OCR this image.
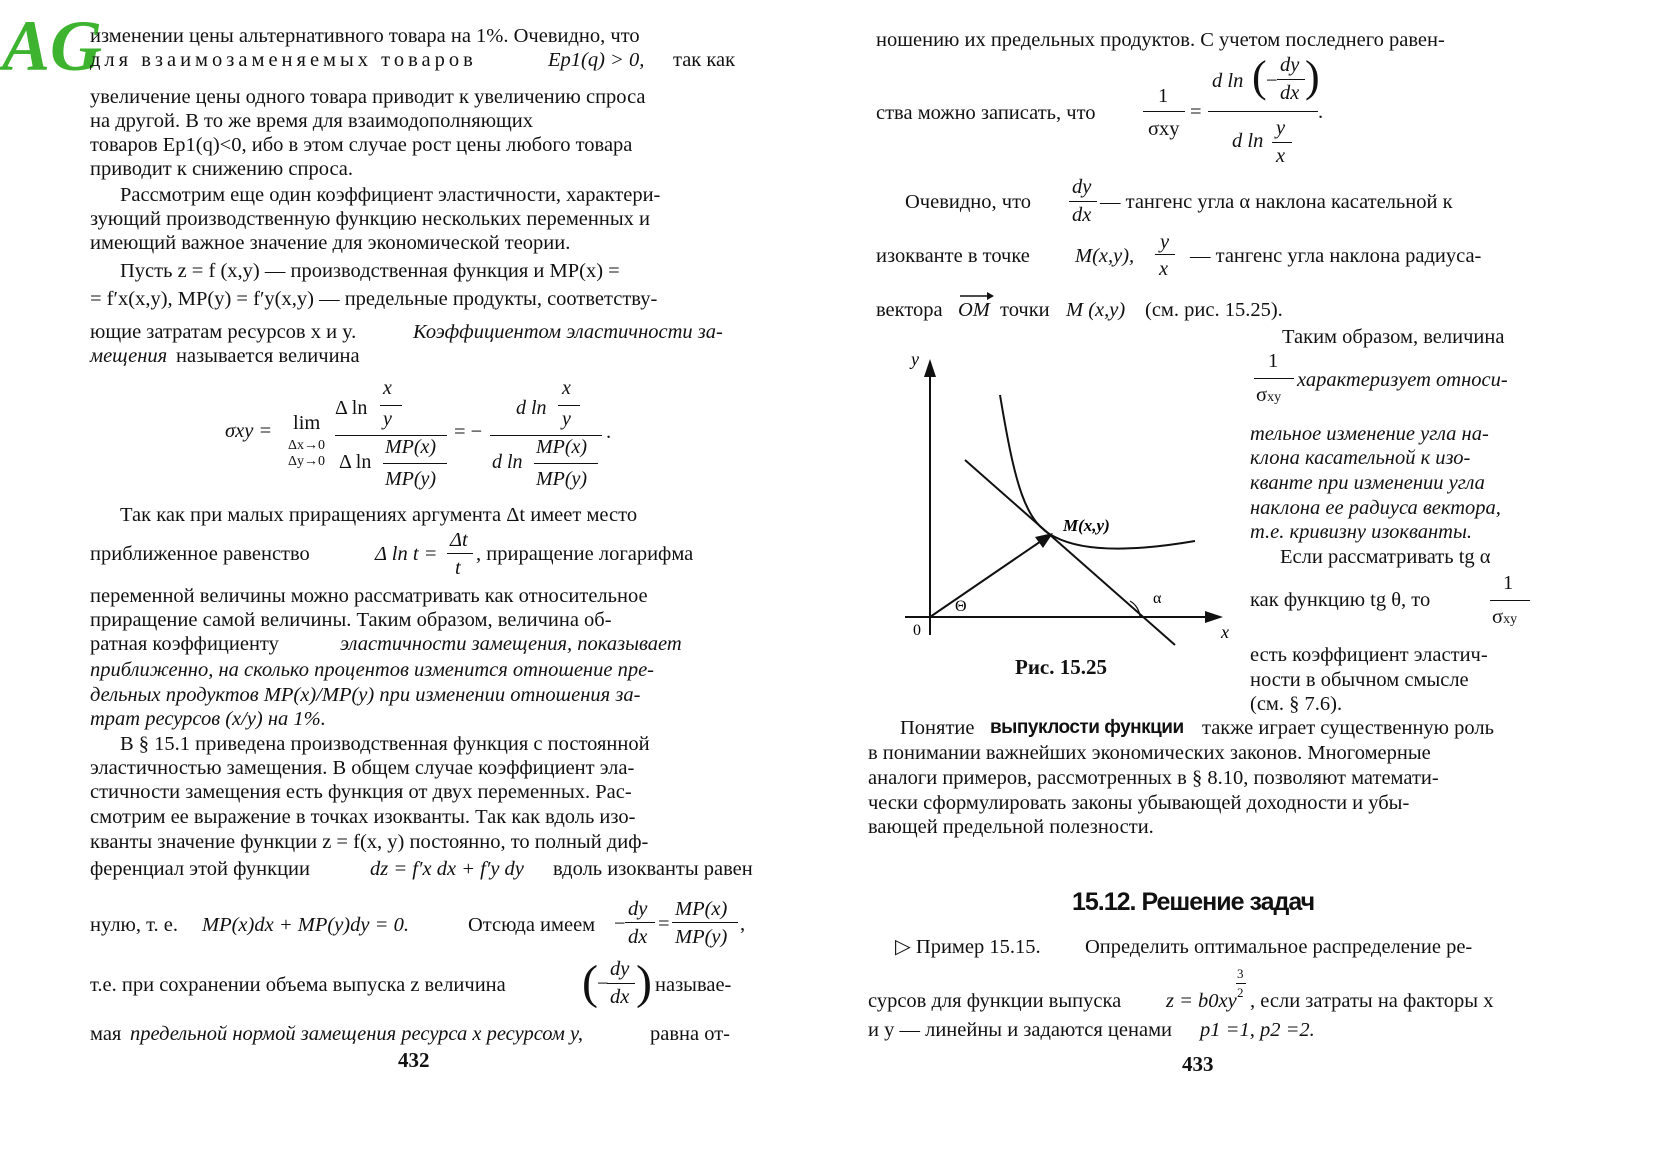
AG

изменении цены альтернативного товара на 1%. Очевидно, что

для взаимозаменяемых товаров	Ep1(q) > 0, так как

увеличение цены одного товара приводит к увеличению спроса

на другой. В то же время для взаимодополняющих

товаров Ep1(q)<0, ибо в этом случае рост цены любого товара

приводит к снижению спроса.

Рассмотрим еще один коэффициент эластичности, характери-

зующий производственную функцию нескольких переменных и

имеющий важное значение для экономической теории.

Пусть z = f (x,y) — производственная функция и MP(x) =

= f′x(x,y), MP(y) = f′y(x,y) — предельные продукты, соответству-

ющие затратам ресурсов x и y.	Коэффициентом эластичности за-

мещения называется величина

σxy = lim
Δx→0
Δy→0
Δ ln
x
y
Δ ln
MP(x)
MP(y)
= −
d ln
x
y
d ln
MP(x)
MP(y)
.

Так как при малых приращениях аргумента Δt имеет место

приближенное равенство	Δ ln t =

Δt

t

, приращение логарифма

переменной величины можно рассматривать как относительное

приращение самой величины. Таким образом, величина об-

ратная коэффициенту	эластичности замещения, показывает

приближенно, на сколько процентов изменится отношение пре-

дельных продуктов MP(x)/MP(y) при изменении отношения за-

трат ресурсов (x/y) на 1%.

В § 15.1 приведена производственная функция с постоянной

эластичностью замещения. В общем случае коэффициент эла-

стичности замещения есть функция от двух переменных. Рас-

смотрим ее выражение в точках изокванты. Так как вдоль изо-

кванты значение функции z = f(x, y) постоянно, то полный диф-

ференциал этой функции	dz = f′x dx + f′y dy вдоль изокванты равен

нулю, т. е. MP(x)dx + MP(y)dy = 0.	Отсюда имеем −

dy

dx

=

MP(x)

MP(y)

,

т.е. при сохранении объема выпуска z величина ( −
dy
dx ) называе-

мая предельной нормой замещения ресурса x ресурсом y,	равна от-

432

ношению их предельных продуктов. С учетом последнего равен-

ства можно записать, что

1
σxy
=
d ln ( −
dy
dx )
d ln
y
x
.

Очевидно, что

dy
dx

— тангенс угла α наклона касательной к

изокванте в точке M(x,y),

y
x

— тангенс угла наклона радиуса-

вектора OM точки M (x,y) (см. рис. 15.25).

Таким образом, величина

1
σxy

характеризует относи-

тельное изменение угла на-

клона касательной к изо-

кванте при изменении угла

наклона ее радиуса вектора,

т.е. кривизну изокванты.

Если рассматривать tg α

как функцию tg θ, то

1
σxy

есть коэффициент эластич-

ности в обычном смысле

(см. § 7.6).

y
x
0
Θ	α
M(x,y)
Рис. 15.25

Понятие выпуклости функции также играет существенную роль

в понимании важнейших экономических законов. Многомерные

аналоги примеров, рассмотренных в § 8.10, позволяют математи-

чески сформулировать законы убывающей доходности и убы-

вающей предельной полезности.

15.12. Решение задач

▷ Пример 15.15. Определить оптимальное распределение ре-

сурсов для функции выпуска z = b0xy

3
2 , если затраты на факторы x

и y — линейны и задаются ценами p1 =1, p2 =2.

433
